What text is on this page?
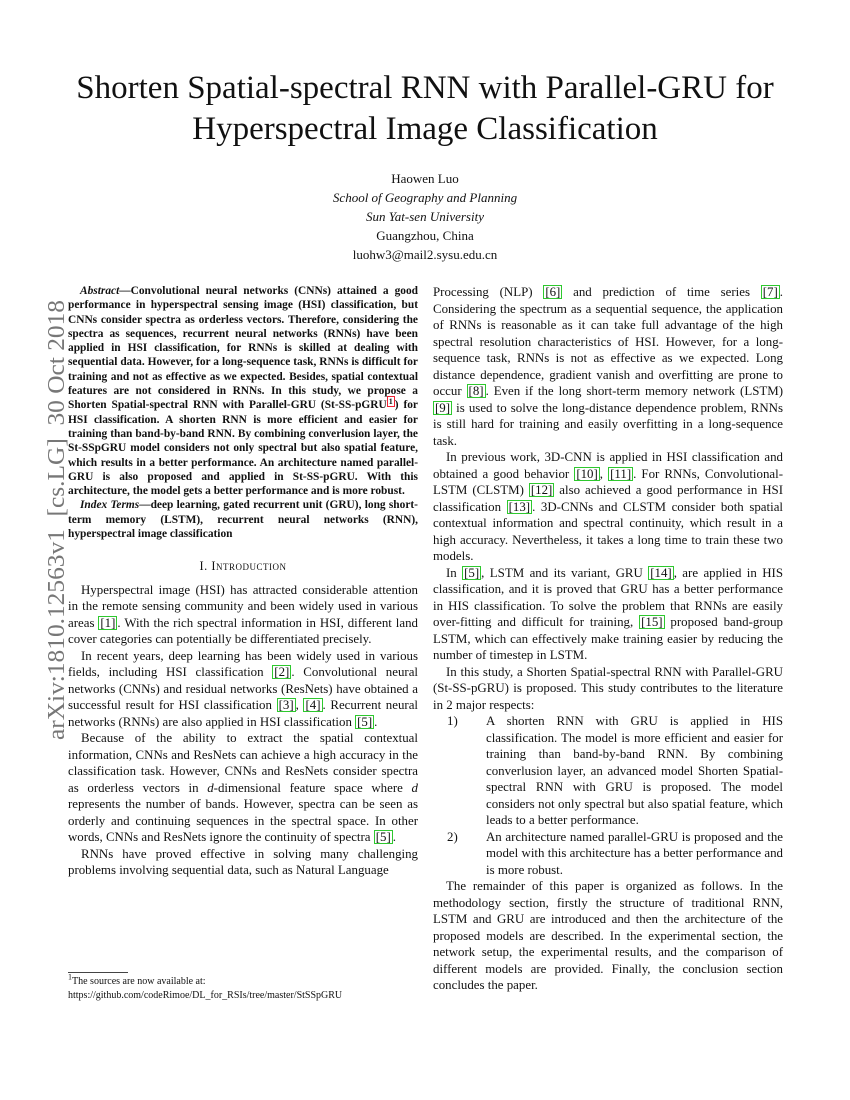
Shorten Spatial-spectral RNN with Parallel-GRU for
Hyperspectral Image Classification
Haowen Luo
School of Geography and Planning
Sun Yat-sen University
Guangzhou, China
luohw3@mail2.sysu.edu.cn
arXiv:1810.12563v1  [cs.LG]  30 Oct 2018

Abstract—Convolutional neural networks (CNNs) attained a good performance in hyperspectral sensing image (HSI) classification, but CNNs consider spectra as orderless vectors. Therefore, considering the spectra as sequences, recurrent neural networks (RNNs) have been applied in HSI classification, for RNNs is skilled at dealing with sequential data. However, for a long-sequence task, RNNs is difficult for training and not as effective as we expected. Besides, spatial contextual features are not considered in RNNs. In this study, we propose a Shorten Spatial-spectral RNN with Parallel-GRU (St-SS-pGRU $^1$ ) for HSI classification. A shorten RNN is more efficient and easier for training than band-by-band RNN. By combining converlusion layer, the St-SSpGRU model considers not only spectral but also spatial feature, which results in a better performance. An architecture named parallel-GRU is also proposed and applied in St-SS-pGRU. With this architecture, the model gets a better performance and is more robust.

Index Terms—deep learning, gated recurrent unit (GRU), long short-term memory (LSTM), recurrent neural networks (RNN), hyperspectral image classification

I. Introduction

Hyperspectral image (HSI) has attracted considerable attention in the remote sensing community and been widely used in various areas [1] . With the rich spectral information in HSI, different land cover categories can potentially be differentiated precisely.

In recent years, deep learning has been widely used in various fields, including HSI classification [2] . Convolutional neural networks (CNNs) and residual networks (ResNets) have obtained a successful result for HSI classification [3] , [4] . Recurrent neural networks (RNNs) are also applied in HSI classification [5] .

Because of the ability to extract the spatial contextual information, CNNs and ResNets can achieve a high accuracy in the classification task. However, CNNs and ResNets consider spectra as orderless vectors in d-dimensional feature space where d represents the number of bands. However, spectra can be seen as orderly and continuing sequences in the spectral space. In other words, CNNs and ResNets ignore the continuity of spectra [5] .

RNNs have proved effective in solving many challenging problems involving sequential data, such as Natural Language

$^1$The sources are now available at:
https://github.com/codeRimoe/DL_for_RSIs/tree/master/StSSpGRU

Processing (NLP) [6] and prediction of time series [7] . Considering the spectrum as a sequential sequence, the application of RNNs is reasonable as it can take full advantage of the high spectral resolution characteristics of HSI. However, for a long-sequence task, RNNs is not as effective as we expected. Long distance dependence, gradient vanish and overfitting are prone to occur [8] . Even if the long short-term memory network (LSTM) [9] is used to solve the long-distance dependence problem, RNNs is still hard for training and easily overfitting in a long-sequence task.

In previous work, 3D-CNN is applied in HSI classification and obtained a good behavior [10] , [11] . For RNNs, Convolutional-LSTM (CLSTM) [12] also achieved a good performance in HSI classification [13] . 3D-CNNs and CLSTM consider both spatial contextual information and spectral continuity, which result in a high accuracy. Nevertheless, it takes a long time to train these two models.

In [5] , LSTM and its variant, GRU [14] , are applied in HIS classification, and it is proved that GRU has a better performance in HIS classification. To solve the problem that RNNs are easily over-fitting and difficult for training, [15] proposed band-group LSTM, which can effectively make training easier by reducing the number of timestep in LSTM.

In this study, a Shorten Spatial-spectral RNN with Parallel-GRU (St-SS-pGRU) is proposed. This study contributes to the literature in 2 major respects:

1)	A shorten RNN with GRU is applied in HIS classification. The model is more efficient and easier for training than band-by-band RNN. By combining converlusion layer, an advanced model Shorten Spatial-spectral RNN with GRU is proposed. The model considers not only spectral but also spatial feature, which leads to a better performance.
2)	An architecture named parallel-GRU is proposed and the model with this architecture has a better performance and is more robust.

The remainder of this paper is organized as follows. In the methodology section, firstly the structure of traditional RNN, LSTM and GRU are introduced and then the architecture of the proposed models are described. In the experimental section, the network setup, the experimental results, and the comparison of different models are provided. Finally, the conclusion section concludes the paper.
